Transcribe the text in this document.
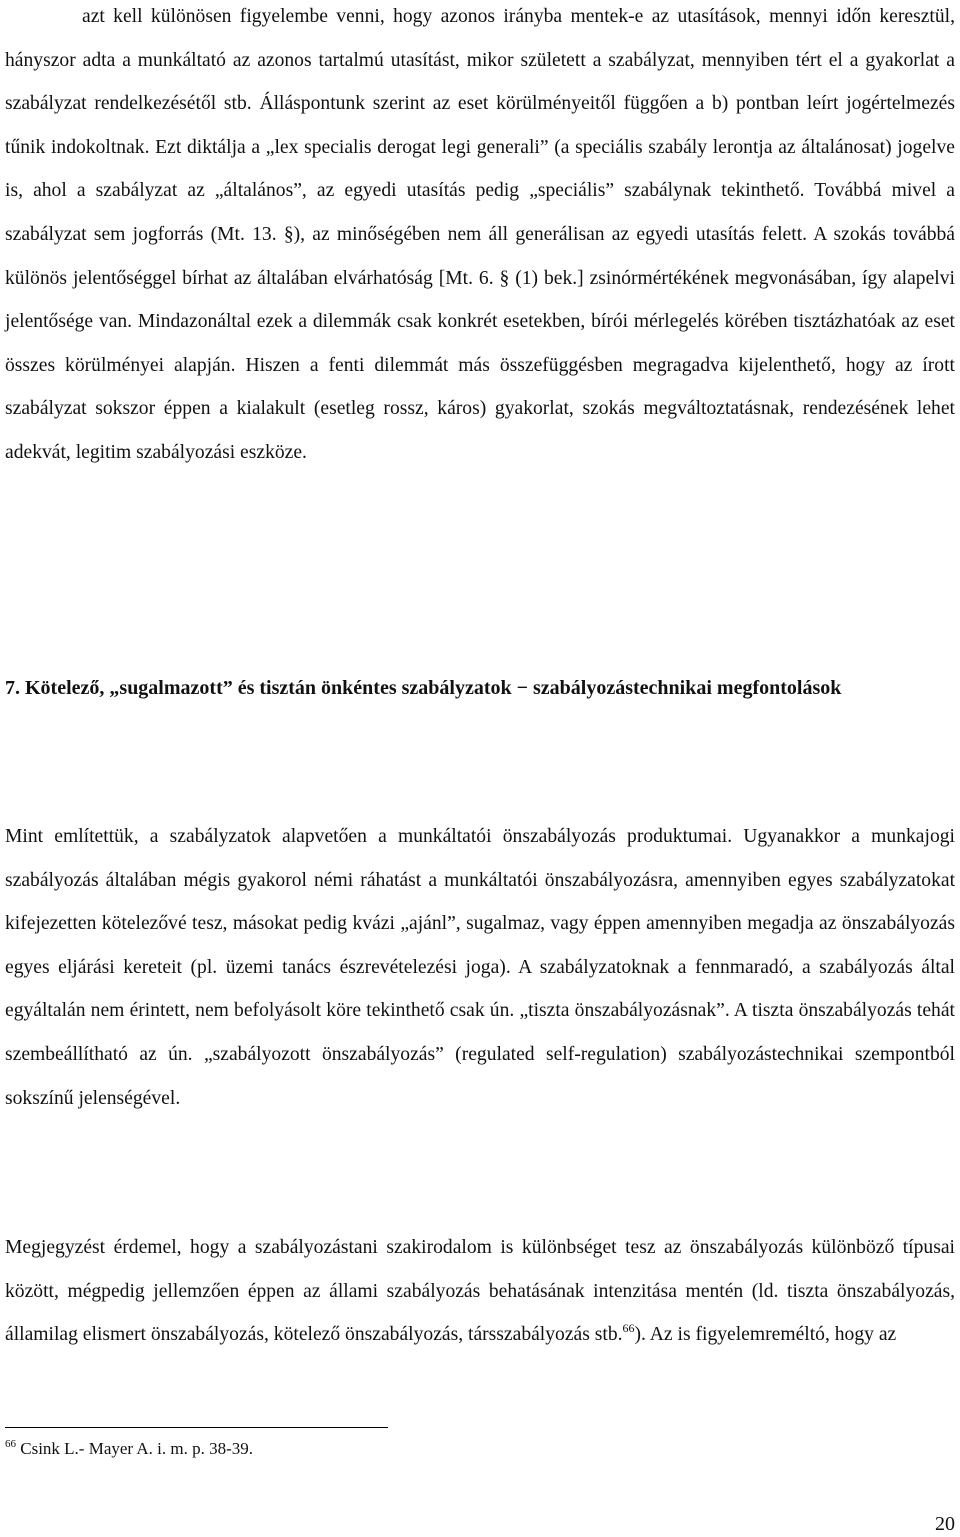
azt kell különösen figyelembe venni, hogy azonos irányba mentek-e az utasítások, mennyi időn keresztül, hányszor adta a munkáltató az azonos tartalmú utasítást, mikor született a szabályzat, mennyiben tért el a gyakorlat a szabályzat rendelkezésétől stb. Álláspontunk szerint az eset körülményeitől függően a b) pontban leírt jogértelmezés tűnik indokoltnak. Ezt diktálja a „lex specialis derogat legi generali” (a speciális szabály lerontja az általánosat) jogelve is, ahol a szabályzat az „általános”, az egyedi utasítás pedig „speciális” szabálynak tekinthető. Továbbá mivel a szabályzat sem jogforrás (Mt. 13. §), az minőségében nem áll generálisan az egyedi utasítás felett. A szokás továbbá különös jelentőséggel bírhat az általában elvárhatóság [Mt. 6. § (1) bek.] zsinórmértékének megvonásában, így alapelvi jelentősége van. Mindazonáltal ezek a dilemmák csak konkrét esetekben, bírói mérlegelés körében tisztázhatóak az eset összes körülményei alapján. Hiszen a fenti dilemmát más összefüggésben megragadva kijelenthető, hogy az írott szabályzat sokszor éppen a kialakult (esetleg rossz, káros) gyakorlat, szokás megváltoztatásnak, rendezésének lehet adekvát, legitim szabályozási eszköze.

7. Kötelező, „sugalmazott” és tisztán önkéntes szabályzatok − szabályozástechnikai megfontolások

Mint említettük, a szabályzatok alapvetően a munkáltatói önszabályozás produktumai. Ugyanakkor a munkajogi szabályozás általában mégis gyakorol némi ráhatást a munkáltatói önszabályozásra, amennyiben egyes szabályzatokat kifejezetten kötelezővé tesz, másokat pedig kvázi „ajánl”, sugalmaz, vagy éppen amennyiben megadja az önszabályozás egyes eljárási kereteit (pl. üzemi tanács észrevételezési joga). A szabályzatoknak a fennmaradó, a szabályozás által egyáltalán nem érintett, nem befolyásolt köre tekinthető csak ún. „tiszta önszabályozásnak”. A tiszta önszabályozás tehát szembeállítható az ún. „szabályozott önszabályozás” (regulated self-regulation) szabályozástechnikai szempontból sokszínű jelenségével.

Megjegyzést érdemel, hogy a szabályozástani szakirodalom is különbséget tesz az önszabályozás különböző típusai között, mégpedig jellemzően éppen az állami szabályozás behatásának intenzitása mentén (ld. tiszta önszabályozás, államilag elismert önszabályozás, kötelező önszabályozás, társszabályozás stb.$^{66}$). Az is figyelemreméltó, hogy az

$^{66}$ Csink L.- Mayer A. i. m. p. 38-39.

20
